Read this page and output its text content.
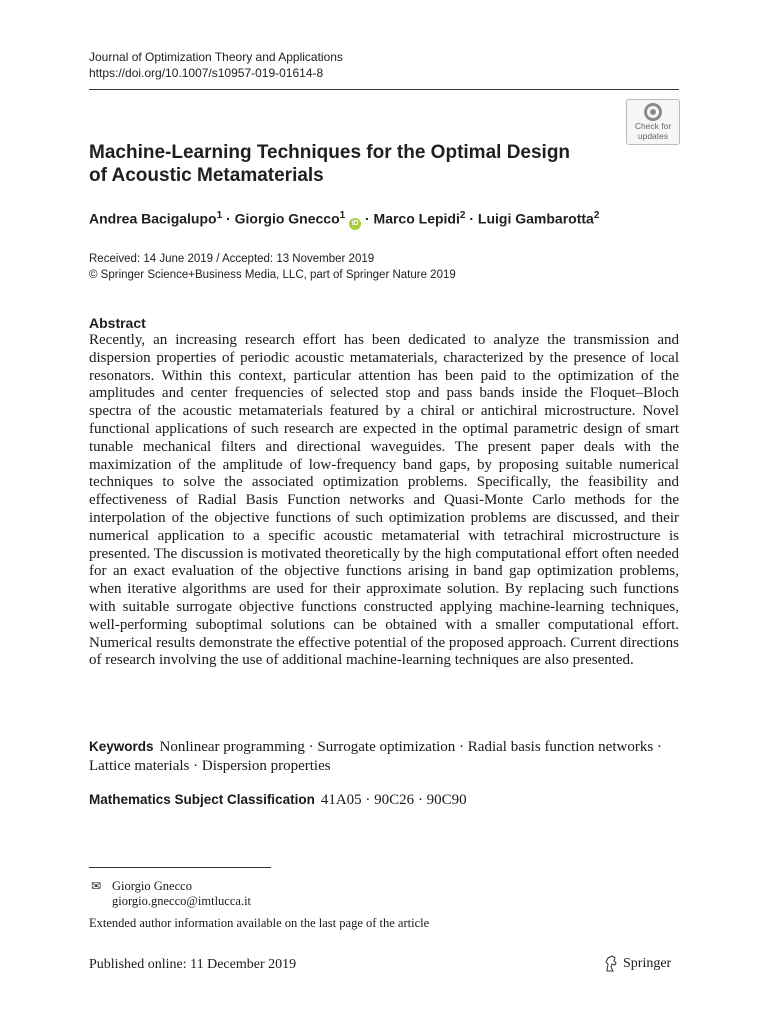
Journal of Optimization Theory and Applications
https://doi.org/10.1007/s10957-019-01614-8
Check for
updates
Machine-Learning Techniques for the Optimal Design
of Acoustic Metamaterials
Andrea Bacigalupo$^1$ · Giorgio Gnecco$^1$ iD · Marco Lepidi$^2$ · Luigi Gambarotta$^2$
Received: 14 June 2019 / Accepted: 13 November 2019
© Springer Science+Business Media, LLC, part of Springer Nature 2019
Abstract
Recently, an increasing research effort has been dedicated to analyze the transmission and dispersion properties of periodic acoustic metamaterials, characterized by the presence of local resonators. Within this context, particular attention has been paid to the optimization of the amplitudes and center frequencies of selected stop and pass bands inside the Floquet–Bloch spectra of the acoustic metamaterials featured by a chiral or antichiral microstructure. Novel functional applications of such research are expected in the optimal parametric design of smart tunable mechanical filters and directional waveguides. The present paper deals with the maximization of the amplitude of low-frequency band gaps, by proposing suitable numerical techniques to solve the associated optimization problems. Specifically, the feasibility and effectiveness of Radial Basis Function networks and Quasi-Monte Carlo methods for the interpolation of the objective functions of such optimization problems are discussed, and their numerical application to a specific acoustic metamaterial with tetrachiral microstructure is presented. The discussion is motivated theoretically by the high computational effort often needed for an exact evaluation of the objective functions arising in band gap optimization problems, when iterative algorithms are used for their approximate solution. By replacing such functions with suitable surrogate objective functions constructed applying machine-learning techniques, well-performing suboptimal solutions can be obtained with a smaller computational effort. Numerical results demonstrate the effective potential of the proposed approach. Current directions of research involving the use of additional machine-learning techniques are also presented.
Keywords Nonlinear programming · Surrogate optimization · Radial basis function networks · Lattice materials · Dispersion properties
Mathematics Subject Classification 41A05 · 90C26 · 90C90
✉ Giorgio Gnecco
giorgio.gnecco@imtlucca.it
Extended author information available on the last page of the article
Published online: 11 December 2019	Springer
